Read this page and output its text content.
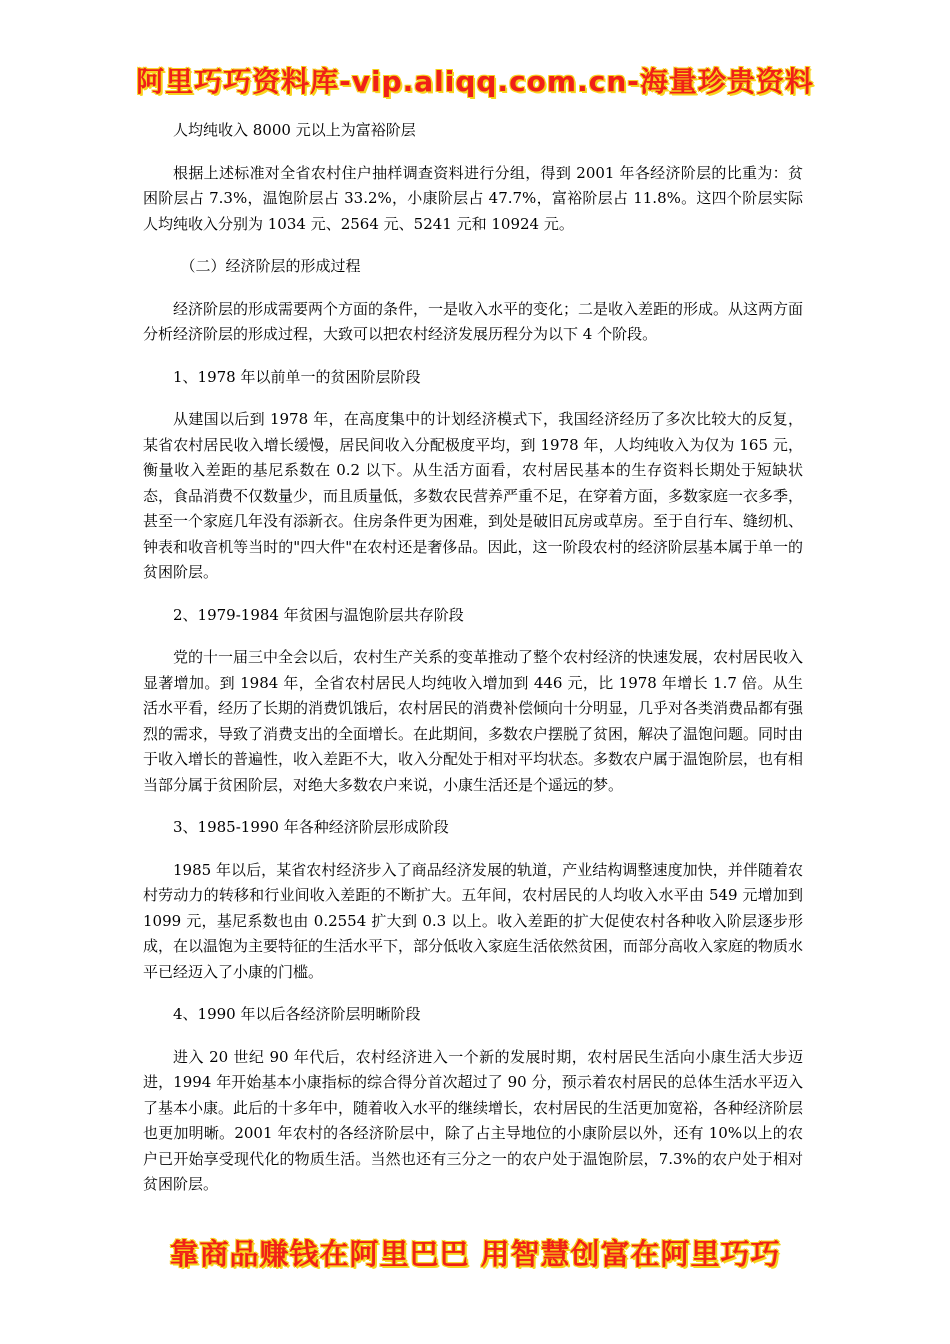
阿里巧巧资料库-vip.aliqq.com.cn-海量珍贵资料

人均纯收入 8000 元以上为富裕阶层

根据上述标准对全省农村住户抽样调查资料进行分组，得到 2001 年各经济阶层的比重为：贫困阶层占 7.3%，温饱阶层占 33.2%，小康阶层占 47.7%，富裕阶层占 11.8%。这四个阶层实际人均纯收入分别为 1034 元、2564 元、5241 元和 10924 元。

（二）经济阶层的形成过程

经济阶层的形成需要两个方面的条件，一是收入水平的变化；二是收入差距的形成。从这两方面分析经济阶层的形成过程，大致可以把农村经济发展历程分为以下 4 个阶段。

1、1978 年以前单一的贫困阶层阶段

从建国以后到 1978 年，在高度集中的计划经济模式下，我国经济经历了多次比较大的反复，某省农村居民收入增长缓慢，居民间收入分配极度平均，到 1978 年，人均纯收入为仅为 165 元，衡量收入差距的基尼系数在 0.2 以下。从生活方面看，农村居民基本的生存资料长期处于短缺状态，食品消费不仅数量少，而且质量低，多数农民营养严重不足，在穿着方面，多数家庭一衣多季，甚至一个家庭几年没有添新衣。住房条件更为困难，到处是破旧瓦房或草房。至于自行车、缝纫机、钟表和收音机等当时的"四大件"在农村还是奢侈品。因此，这一阶段农村的经济阶层基本属于单一的贫困阶层。

2、1979-1984 年贫困与温饱阶层共存阶段

党的十一届三中全会以后，农村生产关系的变革推动了整个农村经济的快速发展，农村居民收入显著增加。到 1984 年，全省农村居民人均纯收入增加到 446 元，比 1978 年增长 1.7 倍。从生活水平看，经历了长期的消费饥饿后，农村居民的消费补偿倾向十分明显，几乎对各类消费品都有强烈的需求，导致了消费支出的全面增长。在此期间，多数农户摆脱了贫困，解决了温饱问题。同时由于收入增长的普遍性，收入差距不大，收入分配处于相对平均状态。多数农户属于温饱阶层，也有相当部分属于贫困阶层，对绝大多数农户来说，小康生活还是个遥远的梦。

3、1985-1990 年各种经济阶层形成阶段

1985 年以后，某省农村经济步入了商品经济发展的轨道，产业结构调整速度加快，并伴随着农村劳动力的转移和行业间收入差距的不断扩大。五年间，农村居民的人均收入水平由 549 元增加到 1099 元，基尼系数也由 0.2554 扩大到 0.3 以上。收入差距的扩大促使农村各种收入阶层逐步形成，在以温饱为主要特征的生活水平下，部分低收入家庭生活依然贫困，而部分高收入家庭的物质水平已经迈入了小康的门槛。

4、1990 年以后各经济阶层明晰阶段

进入 20 世纪 90 年代后，农村经济进入一个新的发展时期，农村居民生活向小康生活大步迈进，1994 年开始基本小康指标的综合得分首次超过了 90 分，预示着农村居民的总体生活水平迈入了基本小康。此后的十多年中，随着收入水平的继续增长，农村居民的生活更加宽裕，各种经济阶层也更加明晰。2001 年农村的各经济阶层中，除了占主导地位的小康阶层以外，还有 10%以上的农户已开始享受现代化的物质生活。当然也还有三分之一的农户处于温饱阶层，7.3%的农户处于相对贫困阶层。

靠商品赚钱在阿里巴巴 用智慧创富在阿里巧巧
